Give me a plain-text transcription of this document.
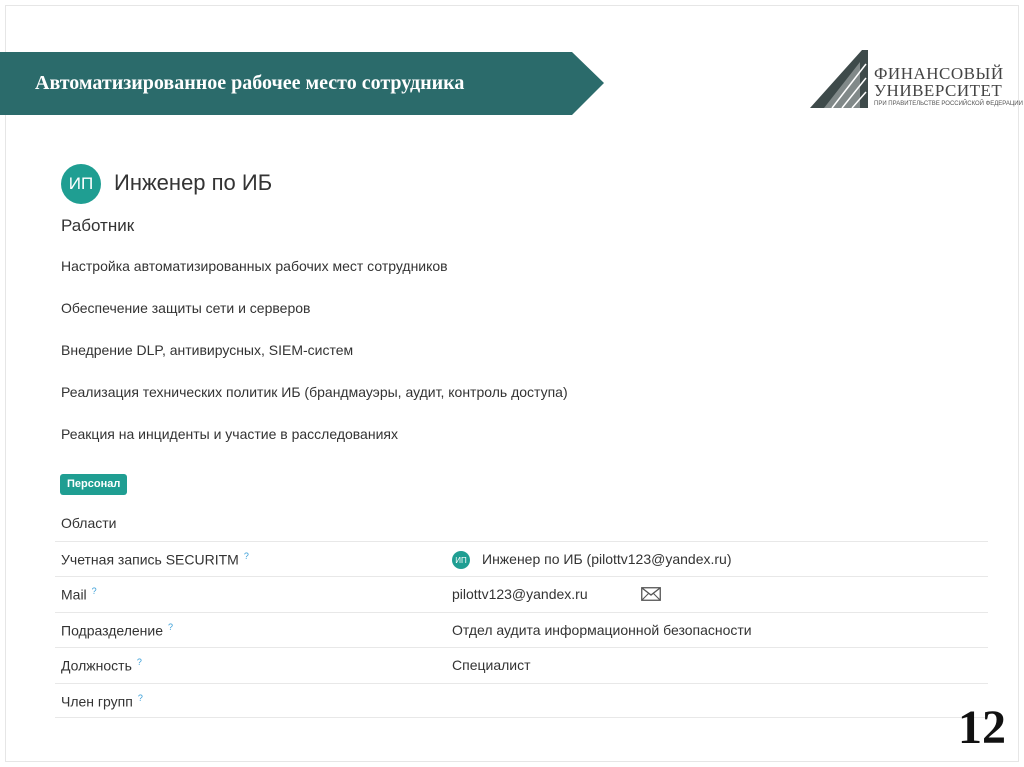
Автоматизированное рабочее место сотрудника	ФИНАНСОВЫЙ
УНИВЕРСИТЕТ
ПРИ ПРАВИТЕЛЬСТВЕ РОССИЙСКОЙ ФЕДЕРАЦИИ
ИП Инженер по ИБ
Работник
Настройка автоматизированных рабочих мест сотрудников
Обеспечение защиты сети и серверов
Внедрение DLP, антивирусных, SIEM-систем
Реализация технических политик ИБ (брандмауэры, аудит, контроль доступа)
Реакция на инциденты и участие в расследованиях
Персонал
Области
Учетная запись SECURITM ?	ИП Инженер по ИБ (pilottv123@yandex.ru)
Mail ?	pilottv123@yandex.ru
Подразделение ?	Отдел аудита информационной безопасности
Должность ?	Специалист
Член групп ?
12
